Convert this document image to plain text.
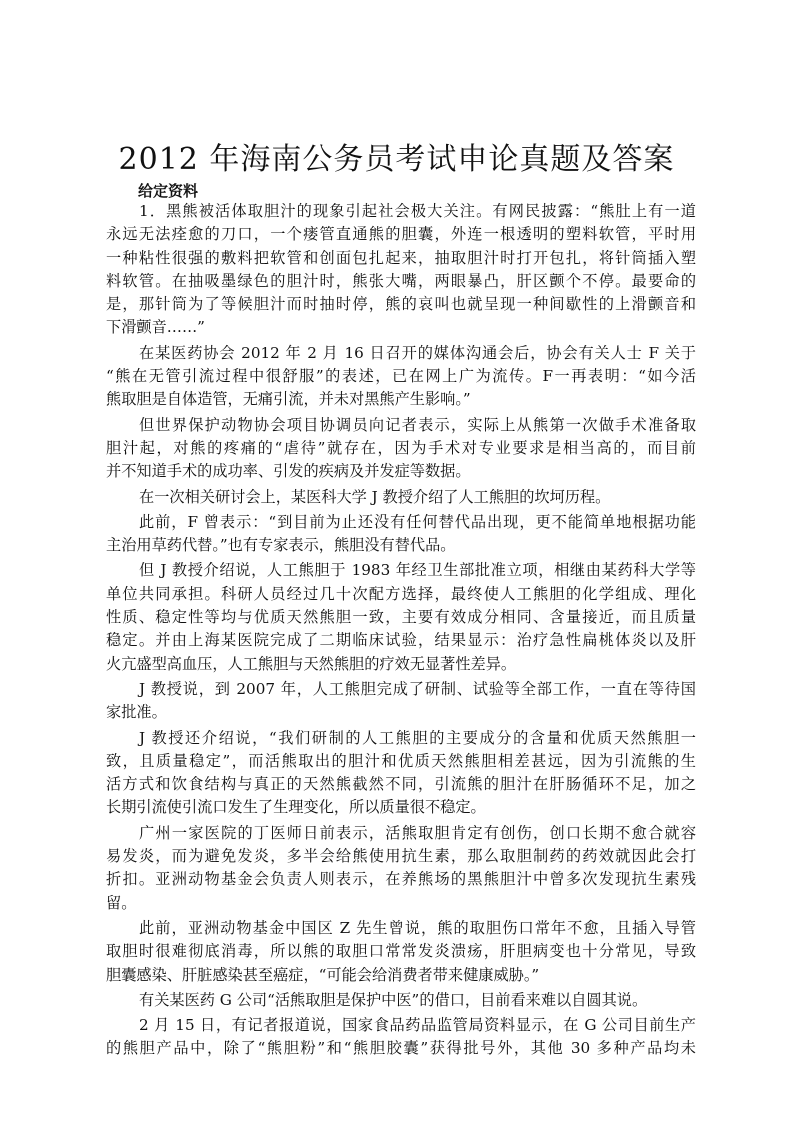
2012 年海南公务员考试申论真题及答案
给定资料
1．黑熊被活体取胆汁的现象引起社会极大关注。有网民披露：“熊肚上有一道
永远无法痊愈的刀口，一个瘘管直通熊的胆囊，外连一根透明的塑料软管，平时用
一种粘性很强的敷料把软管和创面包扎起来，抽取胆汁时打开包扎，将针筒插入塑
料软管。在抽吸墨绿色的胆汁时，熊张大嘴，两眼暴凸，肝区颤个不停。最要命的
是，那针筒为了等候胆汁而时抽时停，熊的哀叫也就呈现一种间歇性的上滑颤音和
下滑颤音……”
在某医药协会 2012 年 2 月 16 日召开的媒体沟通会后，协会有关人士 F 关于
“熊在无管引流过程中很舒服”的表述，已在网上广为流传。F一再表明：“如今活
熊取胆是自体造管，无痛引流，并未对黑熊产生影响。”
但世界保护动物协会项目协调员向记者表示，实际上从熊第一次做手术准备取
胆汁起，对熊的疼痛的“虐待”就存在，因为手术对专业要求是相当高的，而目前
并不知道手术的成功率、引发的疾病及并发症等数据。
在一次相关研讨会上，某医科大学 J 教授介绍了人工熊胆的坎坷历程。
此前，F 曾表示：“到目前为止还没有任何替代品出现，更不能简单地根据功能
主治用草药代替。”也有专家表示，熊胆没有替代品。
但 J 教授介绍说，人工熊胆于 1983 年经卫生部批准立项，相继由某药科大学等
单位共同承担。科研人员经过几十次配方选择，最终使人工熊胆的化学组成、理化
性质、稳定性等均与优质天然熊胆一致，主要有效成分相同、含量接近，而且质量
稳定。并由上海某医院完成了二期临床试验，结果显示：治疗急性扁桃体炎以及肝
火亢盛型高血压，人工熊胆与天然熊胆的疗效无显著性差异。
J 教授说，到 2007 年，人工熊胆完成了研制、试验等全部工作，一直在等待国
家批准。
J 教授还介绍说，“我们研制的人工熊胆的主要成分的含量和优质天然熊胆一
致，且质量稳定”，而活熊取出的胆汁和优质天然熊胆相差甚远，因为引流熊的生
活方式和饮食结构与真正的天然熊截然不同，引流熊的胆汁在肝肠循环不足，加之
长期引流使引流口发生了生理变化，所以质量很不稳定。
广州一家医院的丁医师日前表示，活熊取胆肯定有创伤，创口长期不愈合就容
易发炎，而为避免发炎，多半会给熊使用抗生素，那么取胆制药的药效就因此会打
折扣。亚洲动物基金会负责人则表示，在养熊场的黑熊胆汁中曾多次发现抗生素残
留。
此前，亚洲动物基金中国区 Z 先生曾说，熊的取胆伤口常年不愈，且插入导管
取胆时很难彻底消毒，所以熊的取胆口常常发炎溃疡，肝胆病变也十分常见，导致
胆囊感染、肝脏感染甚至癌症，“可能会给消费者带来健康威胁。”
有关某医药 G 公司“活熊取胆是保护中医”的借口，目前看来难以自圆其说。
2 月 15 日，有记者报道说，国家食品药品监管局资料显示，在 G 公司目前生产
的熊胆产品中，除了“熊胆粉”和“熊胆胶囊”获得批号外，其他 30 多种产品均未
